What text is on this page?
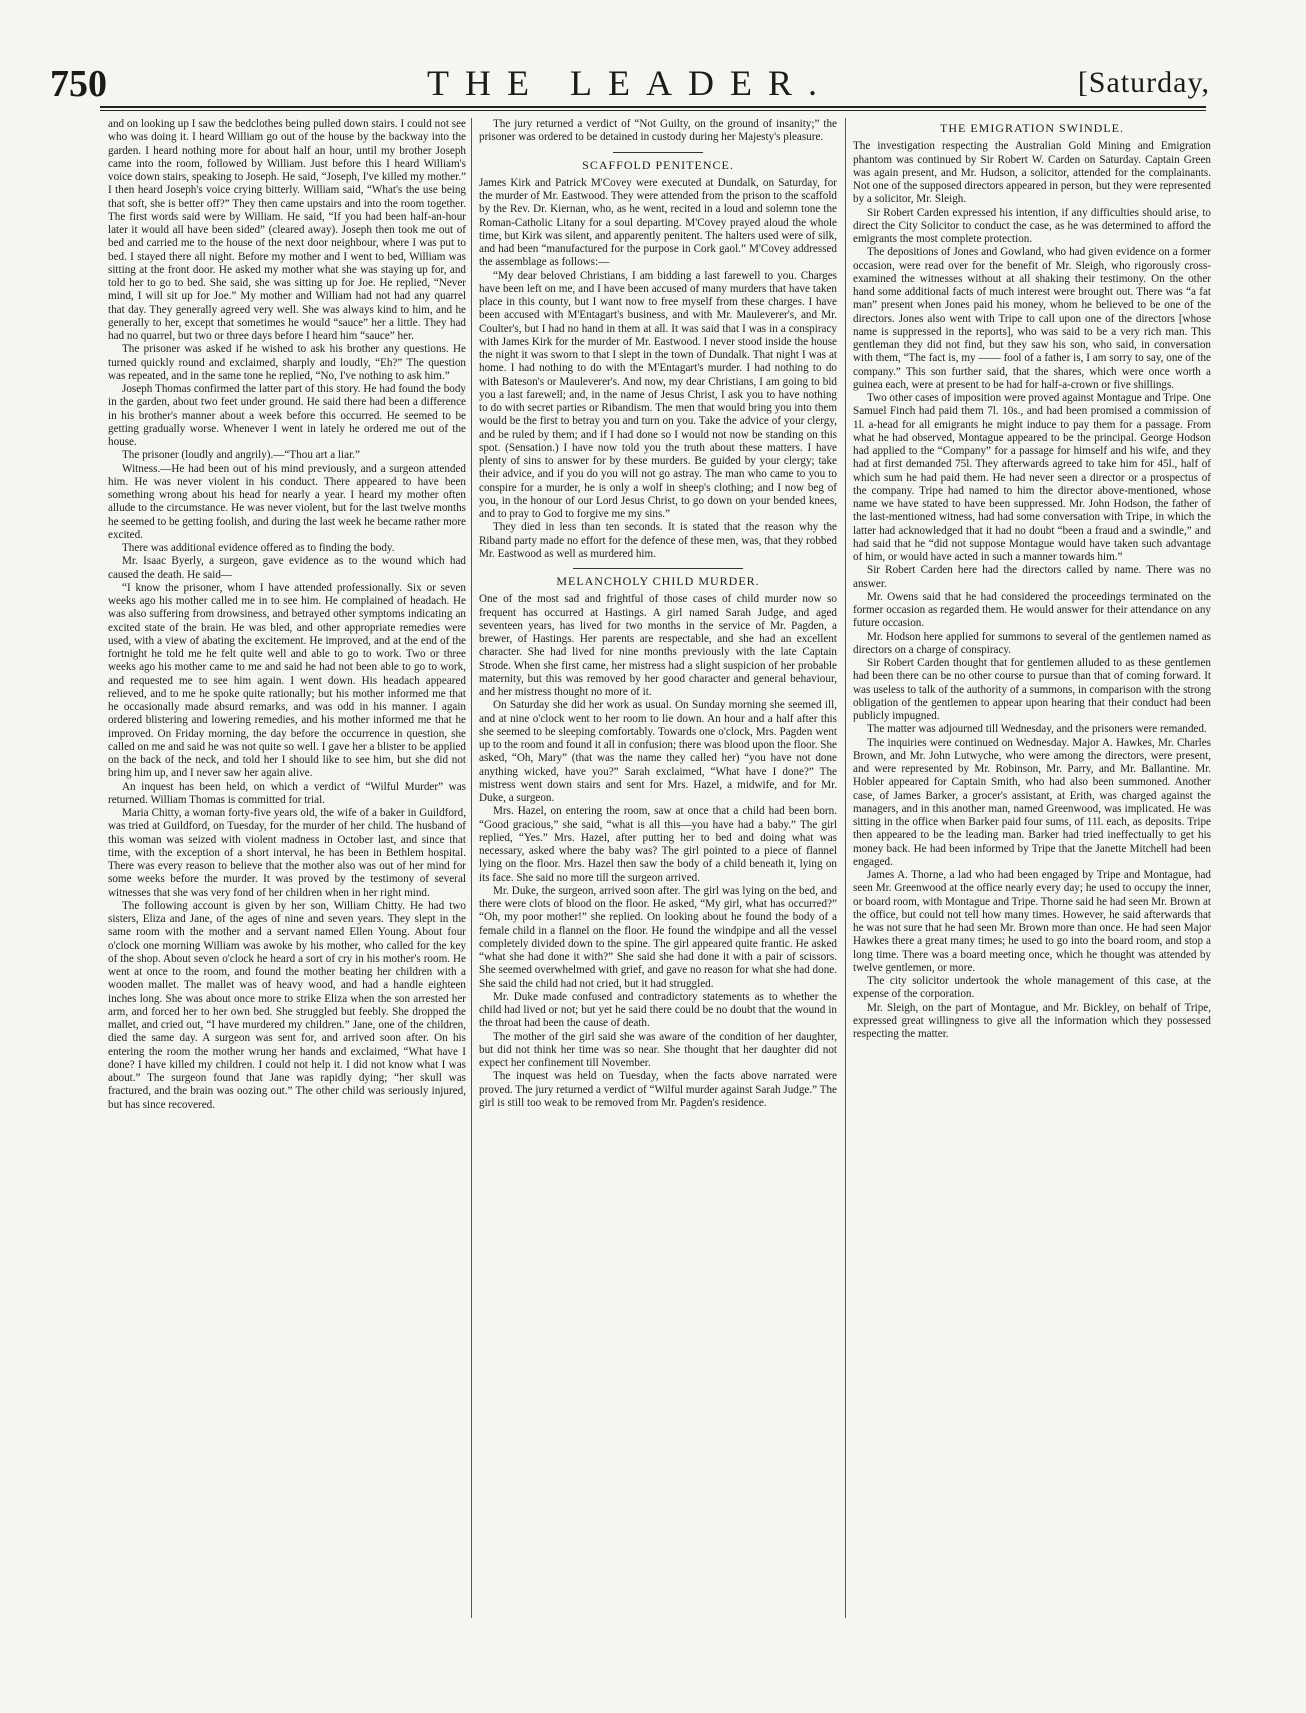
750	THE LEADER.	[Saturday,

and on looking up I saw the bedclothes being pulled down stairs. I could not see who was doing it. I heard William go out of the house by the backway into the garden. I heard nothing more for about half an hour, until my brother Joseph came into the room, followed by William. Just before this I heard William's voice down stairs, speaking to Joseph. He said, “Joseph, I've killed my mother.” I then heard Joseph's voice crying bitterly. William said, “What's the use being that soft, she is better off?” They then came upstairs and into the room together. The first words said were by William. He said, “If you had been half-an-hour later it would all have been sided” (cleared away). Joseph then took me out of bed and carried me to the house of the next door neighbour, where I was put to bed. I stayed there all night. Before my mother and I went to bed, William was sitting at the front door. He asked my mother what she was staying up for, and told her to go to bed. She said, she was sitting up for Joe. He replied, “Never mind, I will sit up for Joe.” My mother and William had not had any quarrel that day. They generally agreed very well. She was always kind to him, and he generally to her, except that sometimes he would “sauce” her a little. They had had no quarrel, but two or three days before I heard him “sauce” her.

The prisoner was asked if he wished to ask his brother any questions. He turned quickly round and exclaimed, sharply and loudly, “Eh?” The question was repeated, and in the same tone he replied, “No, I've nothing to ask him.”

Joseph Thomas confirmed the latter part of this story. He had found the body in the garden, about two feet under ground. He said there had been a difference in his brother's manner about a week before this occurred. He seemed to be getting gradually worse. Whenever I went in lately he ordered me out of the house.

The prisoner (loudly and angrily).—“Thou art a liar.”

Witness.—He had been out of his mind previously, and a surgeon attended him. He was never violent in his conduct. There appeared to have been something wrong about his head for nearly a year. I heard my mother often allude to the circumstance. He was never violent, but for the last twelve months he seemed to be getting foolish, and during the last week he became rather more excited.

There was additional evidence offered as to finding the body.

Mr. Isaac Byerly, a surgeon, gave evidence as to the wound which had caused the death. He said—

“I know the prisoner, whom I have attended professionally. Six or seven weeks ago his mother called me in to see him. He complained of headach. He was also suffering from drowsiness, and betrayed other symptoms indicating an excited state of the brain. He was bled, and other appropriate remedies were used, with a view of abating the excitement. He improved, and at the end of the fortnight he told me he felt quite well and able to go to work. Two or three weeks ago his mother came to me and said he had not been able to go to work, and requested me to see him again. I went down. His headach appeared relieved, and to me he spoke quite rationally; but his mother informed me that he occasionally made absurd remarks, and was odd in his manner. I again ordered blistering and lowering remedies, and his mother informed me that he improved. On Friday morning, the day before the occurrence in question, she called on me and said he was not quite so well. I gave her a blister to be applied on the back of the neck, and told her I should like to see him, but she did not bring him up, and I never saw her again alive.

An inquest has been held, on which a verdict of “Wilful Murder” was returned. William Thomas is committed for trial.

Maria Chitty, a woman forty-five years old, the wife of a baker in Guildford, was tried at Guildford, on Tuesday, for the murder of her child. The husband of this woman was seized with violent madness in October last, and since that time, with the exception of a short interval, he has been in Bethlem hospital. There was every reason to believe that the mother also was out of her mind for some weeks before the murder. It was proved by the testimony of several witnesses that she was very fond of her children when in her right mind.

The following account is given by her son, William Chitty. He had two sisters, Eliza and Jane, of the ages of nine and seven years. They slept in the same room with the mother and a servant named Ellen Young. About four o'clock one morning William was awoke by his mother, who called for the key of the shop. About seven o'clock he heard a sort of cry in his mother's room. He went at once to the room, and found the mother beating her children with a wooden mallet. The mallet was of heavy wood, and had a handle eighteen inches long. She was about once more to strike Eliza when the son arrested her arm, and forced her to her own bed. She struggled but feebly. She dropped the mallet, and cried out, “I have murdered my children.” Jane, one of the children, died the same day. A surgeon was sent for, and arrived soon after. On his entering the room the mother wrung her hands and exclaimed, “What have I done? I have killed my children. I could not help it. I did not know what I was about.” The surgeon found that Jane was rapidly dying; “her skull was fractured, and the brain was oozing out.” The other child was seriously injured, but has since recovered.

The jury returned a verdict of “Not Guilty, on the ground of insanity;” the prisoner was ordered to be detained in custody during her Majesty's pleasure.

SCAFFOLD PENITENCE.

James Kirk and Patrick M'Covey were executed at Dundalk, on Saturday, for the murder of Mr. Eastwood. They were attended from the prison to the scaffold by the Rev. Dr. Kiernan, who, as he went, recited in a loud and solemn tone the Roman-Catholic Litany for a soul departing. M'Covey prayed aloud the whole time, but Kirk was silent, and apparently penitent. The halters used were of silk, and had been “manufactured for the purpose in Cork gaol.” M'Covey addressed the assemblage as follows:—

“My dear beloved Christians, I am bidding a last farewell to you. Charges have been left on me, and I have been accused of many murders that have taken place in this county, but I want now to free myself from these charges. I have been accused with M'Entagart's business, and with Mr. Mauleverer's, and Mr. Coulter's, but I had no hand in them at all. It was said that I was in a conspiracy with James Kirk for the murder of Mr. Eastwood. I never stood inside the house the night it was sworn to that I slept in the town of Dundalk. That night I was at home. I had nothing to do with the M'Entagart's murder. I had nothing to do with Bateson's or Mauleverer's. And now, my dear Christians, I am going to bid you a last farewell; and, in the name of Jesus Christ, I ask you to have nothing to do with secret parties or Ribandism. The men that would bring you into them would be the first to betray you and turn on you. Take the advice of your clergy, and be ruled by them; and if I had done so I would not now be standing on this spot. (Sensation.) I have now told you the truth about these matters. I have plenty of sins to answer for by these murders. Be guided by your clergy; take their advice, and if you do you will not go astray. The man who came to you to conspire for a murder, he is only a wolf in sheep's clothing; and I now beg of you, in the honour of our Lord Jesus Christ, to go down on your bended knees, and to pray to God to forgive me my sins.”

They died in less than ten seconds. It is stated that the reason why the Riband party made no effort for the defence of these men, was, that they robbed Mr. Eastwood as well as murdered him.

MELANCHOLY CHILD MURDER.

One of the most sad and frightful of those cases of child murder now so frequent has occurred at Hastings. A girl named Sarah Judge, and aged seventeen years, has lived for two months in the service of Mr. Pagden, a brewer, of Hastings. Her parents are respectable, and she had an excellent character. She had lived for nine months previously with the late Captain Strode. When she first came, her mistress had a slight suspicion of her probable maternity, but this was removed by her good character and general behaviour, and her mistress thought no more of it.

On Saturday she did her work as usual. On Sunday morning she seemed ill, and at nine o'clock went to her room to lie down. An hour and a half after this she seemed to be sleeping comfortably. Towards one o'clock, Mrs. Pagden went up to the room and found it all in confusion; there was blood upon the floor. She asked, “Oh, Mary” (that was the name they called her) “you have not done anything wicked, have you?” Sarah exclaimed, “What have I done?” The mistress went down stairs and sent for Mrs. Hazel, a midwife, and for Mr. Duke, a surgeon.

Mrs. Hazel, on entering the room, saw at once that a child had been born. “Good gracious,” she said, “what is all this—you have had a baby.” The girl replied, “Yes.” Mrs. Hazel, after putting her to bed and doing what was necessary, asked where the baby was? The girl pointed to a piece of flannel lying on the floor. Mrs. Hazel then saw the body of a child beneath it, lying on its face. She said no more till the surgeon arrived.

Mr. Duke, the surgeon, arrived soon after. The girl was lying on the bed, and there were clots of blood on the floor. He asked, “My girl, what has occurred?” “Oh, my poor mother!” she replied. On looking about he found the body of a female child in a flannel on the floor. He found the windpipe and all the vessel completely divided down to the spine. The girl appeared quite frantic. He asked “what she had done it with?” She said she had done it with a pair of scissors. She seemed overwhelmed with grief, and gave no reason for what she had done. She said the child had not cried, but it had struggled.

Mr. Duke made confused and contradictory statements as to whether the child had lived or not; but yet he said there could be no doubt that the wound in the throat had been the cause of death.

The mother of the girl said she was aware of the condition of her daughter, but did not think her time was so near. She thought that her daughter did not expect her confinement till November.

The inquest was held on Tuesday, when the facts above narrated were proved. The jury returned a verdict of “Wilful murder against Sarah Judge.” The girl is still too weak to be removed from Mr. Pagden's residence.

THE EMIGRATION SWINDLE.

The investigation respecting the Australian Gold Mining and Emigration phantom was continued by Sir Robert W. Carden on Saturday. Captain Green was again present, and Mr. Hudson, a solicitor, attended for the complainants. Not one of the supposed directors appeared in person, but they were represented by a solicitor, Mr. Sleigh.

Sir Robert Carden expressed his intention, if any difficulties should arise, to direct the City Solicitor to conduct the case, as he was determined to afford the emigrants the most complete protection.

The depositions of Jones and Gowland, who had given evidence on a former occasion, were read over for the benefit of Mr. Sleigh, who rigorously cross-examined the witnesses without at all shaking their testimony. On the other hand some additional facts of much interest were brought out. There was “a fat man” present when Jones paid his money, whom he believed to be one of the directors. Jones also went with Tripe to call upon one of the directors [whose name is suppressed in the reports], who was said to be a very rich man. This gentleman they did not find, but they saw his son, who said, in conversation with them, “The fact is, my —— fool of a father is, I am sorry to say, one of the company.” This son further said, that the shares, which were once worth a guinea each, were at present to be had for half-a-crown or five shillings.

Two other cases of imposition were proved against Montague and Tripe. One Samuel Finch had paid them 7l. 10s., and had been promised a commission of 1l. a-head for all emigrants he might induce to pay them for a passage. From what he had observed, Montague appeared to be the principal. George Hodson had applied to the “Company” for a passage for himself and his wife, and they had at first demanded 75l. They afterwards agreed to take him for 45l., half of which sum he had paid them. He had never seen a director or a prospectus of the company. Tripe had named to him the director above-mentioned, whose name we have stated to have been suppressed. Mr. John Hodson, the father of the last-mentioned witness, had had some conversation with Tripe, in which the latter had acknowledged that it had no doubt “been a fraud and a swindle,” and had said that he “did not suppose Montague would have taken such advantage of him, or would have acted in such a manner towards him.”

Sir Robert Carden here had the directors called by name. There was no answer.

Mr. Owens said that he had considered the proceedings terminated on the former occasion as regarded them. He would answer for their attendance on any future occasion.

Mr. Hodson here applied for summons to several of the gentlemen named as directors on a charge of conspiracy.

Sir Robert Carden thought that for gentlemen alluded to as these gentlemen had been there can be no other course to pursue than that of coming forward. It was useless to talk of the authority of a summons, in comparison with the strong obligation of the gentlemen to appear upon hearing that their conduct had been publicly impugned.

The matter was adjourned till Wednesday, and the prisoners were remanded.

The inquiries were continued on Wednesday. Major A. Hawkes, Mr. Charles Brown, and Mr. John Lutwyche, who were among the directors, were present, and were represented by Mr. Robinson, Mr. Parry, and Mr. Ballantine. Mr. Hobler appeared for Captain Smith, who had also been summoned. Another case, of James Barker, a grocer's assistant, at Erith, was charged against the managers, and in this another man, named Greenwood, was implicated. He was sitting in the office when Barker paid four sums, of 11l. each, as deposits. Tripe then appeared to be the leading man. Barker had tried ineffectually to get his money back. He had been informed by Tripe that the Janette Mitchell had been engaged.

James A. Thorne, a lad who had been engaged by Tripe and Montague, had seen Mr. Greenwood at the office nearly every day; he used to occupy the inner, or board room, with Montague and Tripe. Thorne said he had seen Mr. Brown at the office, but could not tell how many times. However, he said afterwards that he was not sure that he had seen Mr. Brown more than once. He had seen Major Hawkes there a great many times; he used to go into the board room, and stop a long time. There was a board meeting once, which he thought was attended by twelve gentlemen, or more.

The city solicitor undertook the whole management of this case, at the expense of the corporation.

Mr. Sleigh, on the part of Montague, and Mr. Bickley, on behalf of Tripe, expressed great willingness to give all the information which they possessed respecting the matter.
